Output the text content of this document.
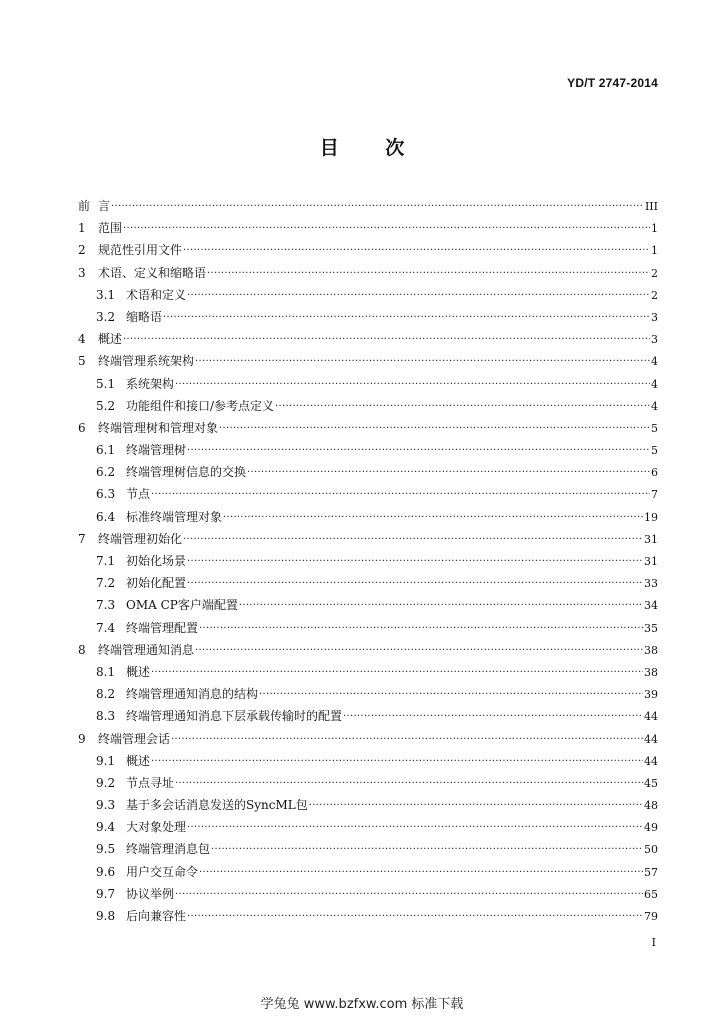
YD/T 2747-2014
目 次
前 言 ·····	III
1	范围 ·····	1
2	规范性引用文件 ·····	1
3	术语、定义和缩略语 ·····	2
3.1 术语和定义 ·····	2
3.2 缩略语 ·····	3
4	概述 ·····	3
5	终端管理系统架构 ·····	4
5.1 系统架构 ·····	4
5.2 功能组件和接口/参考点定义 ·····	4
6	终端管理树和管理对象 ·····	5
6.1 终端管理树 ·····	5
6.2 终端管理树信息的交换 ·····	6
6.3 节点 ·····	7
6.4 标准终端管理对象 ·····	19
7	终端管理初始化 ·····	31
7.1 初始化场景 ·····	31
7.2 初始化配置 ·····	33
7.3 OMA CP客户端配置 ·····	34
7.4 终端管理配置 ·····	35
8	终端管理通知消息 ·····	38
8.1 概述 ·····	38
8.2 终端管理通知消息的结构 ·····	39
8.3 终端管理通知消息下层承载传输时的配置 ·····	44
9	终端管理会话 ·····	44
9.1 概述 ·····	44
9.2 节点寻址 ·····	45
9.3 基于多会话消息发送的SyncML包 ·····	48
9.4 大对象处理 ·····	49
9.5 终端管理消息包 ·····	50
9.6 用户交互命令 ·····	57
9.7 协议举例 ·····	65
9.8 后向兼容性 ·····	79
I
学兔兔 www.bzfxw.com 标准下载
